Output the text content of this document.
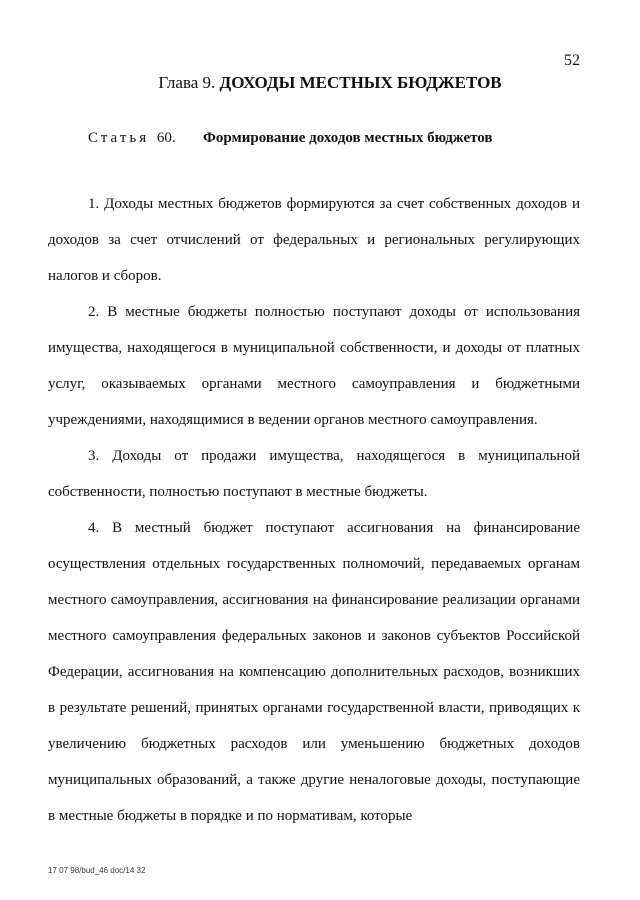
52
Глава 9. ДОХОДЫ МЕСТНЫХ БЮДЖЕТОВ
Статья 60. Формирование доходов местных бюджетов

1. Доходы местных бюджетов формируются за счет собственных доходов и доходов за счет отчислений от федеральных и региональных регулирующих налогов и сборов.

2. В местные бюджеты полностью поступают доходы от использования имущества, находящегося в муниципальной собственности, и доходы от платных услуг, оказываемых органами местного самоуправления и бюджетными учреждениями, находящимися в ведении органов местного самоуправления.

3. Доходы от продажи имущества, находящегося в муниципальной собственности, полностью поступают в местные бюджеты.

4. В местный бюджет поступают ассигнования на финансирование осуществления отдельных государственных полномочий, передаваемых органам местного самоуправления, ассигнования на финансирование реализации органами местного самоуправления федеральных законов и законов субъектов Российской Федерации, ассигнования на компенсацию дополнительных расходов, возникших в результате решений, принятых органами государственной власти, приводящих к увеличению бюджетных расходов или уменьшению бюджетных доходов муниципальных образований, а также другие неналоговые доходы, поступающие в местные бюджеты в порядке и по нормативам, которые

17 07 98/bud_46 doc/14 32
